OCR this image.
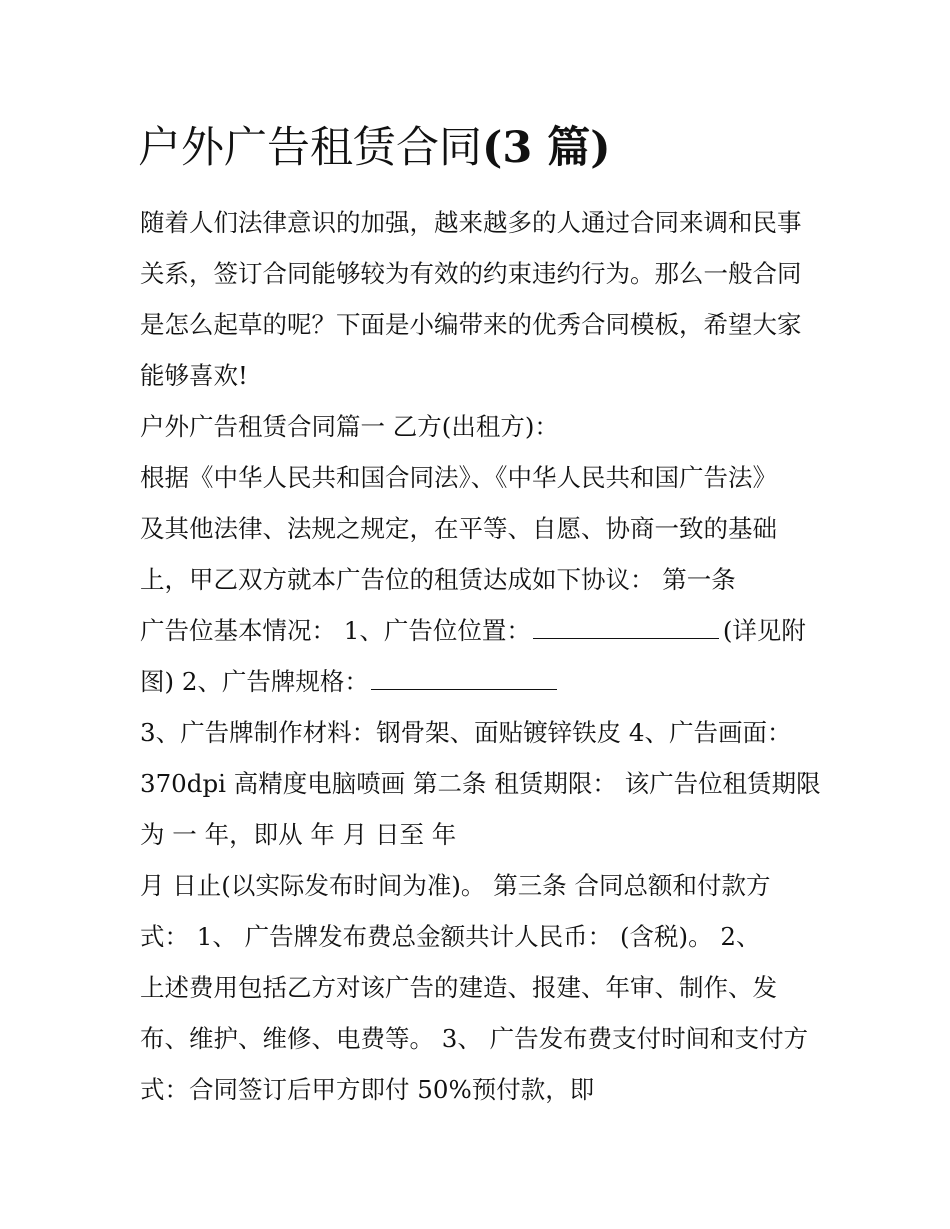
户外广告租赁合同(3 篇)

随着人们法律意识的加强，越来越多的人通过合同来调和民事

关系，签订合同能够较为有效的约束违约行为。那么一般合同

是怎么起草的呢？下面是小编带来的优秀合同模板，希望大家

能够喜欢!

户外广告租赁合同篇一 乙方(出租方)：

根据《中华人民共和国合同法》、《中华人民共和国广告法》

及其他法律、法规之规定，在平等、自愿、协商一致的基础

上，甲乙双方就本广告位的租赁达成如下协议： 第一条

广告位基本情况： 1、广告位位置：	(详见附

图) 2、广告牌规格：

3、广告牌制作材料：钢骨架、面贴镀锌铁皮 4、广告画面：

370dpi 高精度电脑喷画 第二条 租赁期限： 该广告位租赁期限

为 一 年，即从 年 月 日至 年

月 日止(以实际发布时间为准)。 第三条 合同总额和付款方

式： 1、 广告牌发布费总金额共计人民币： (含税)。 2、

上述费用包括乙方对该广告的建造、报建、年审、制作、发

布、维护、维修、电费等。 3、 广告发布费支付时间和支付方

式：合同签订后甲方即付 50%预付款，即
